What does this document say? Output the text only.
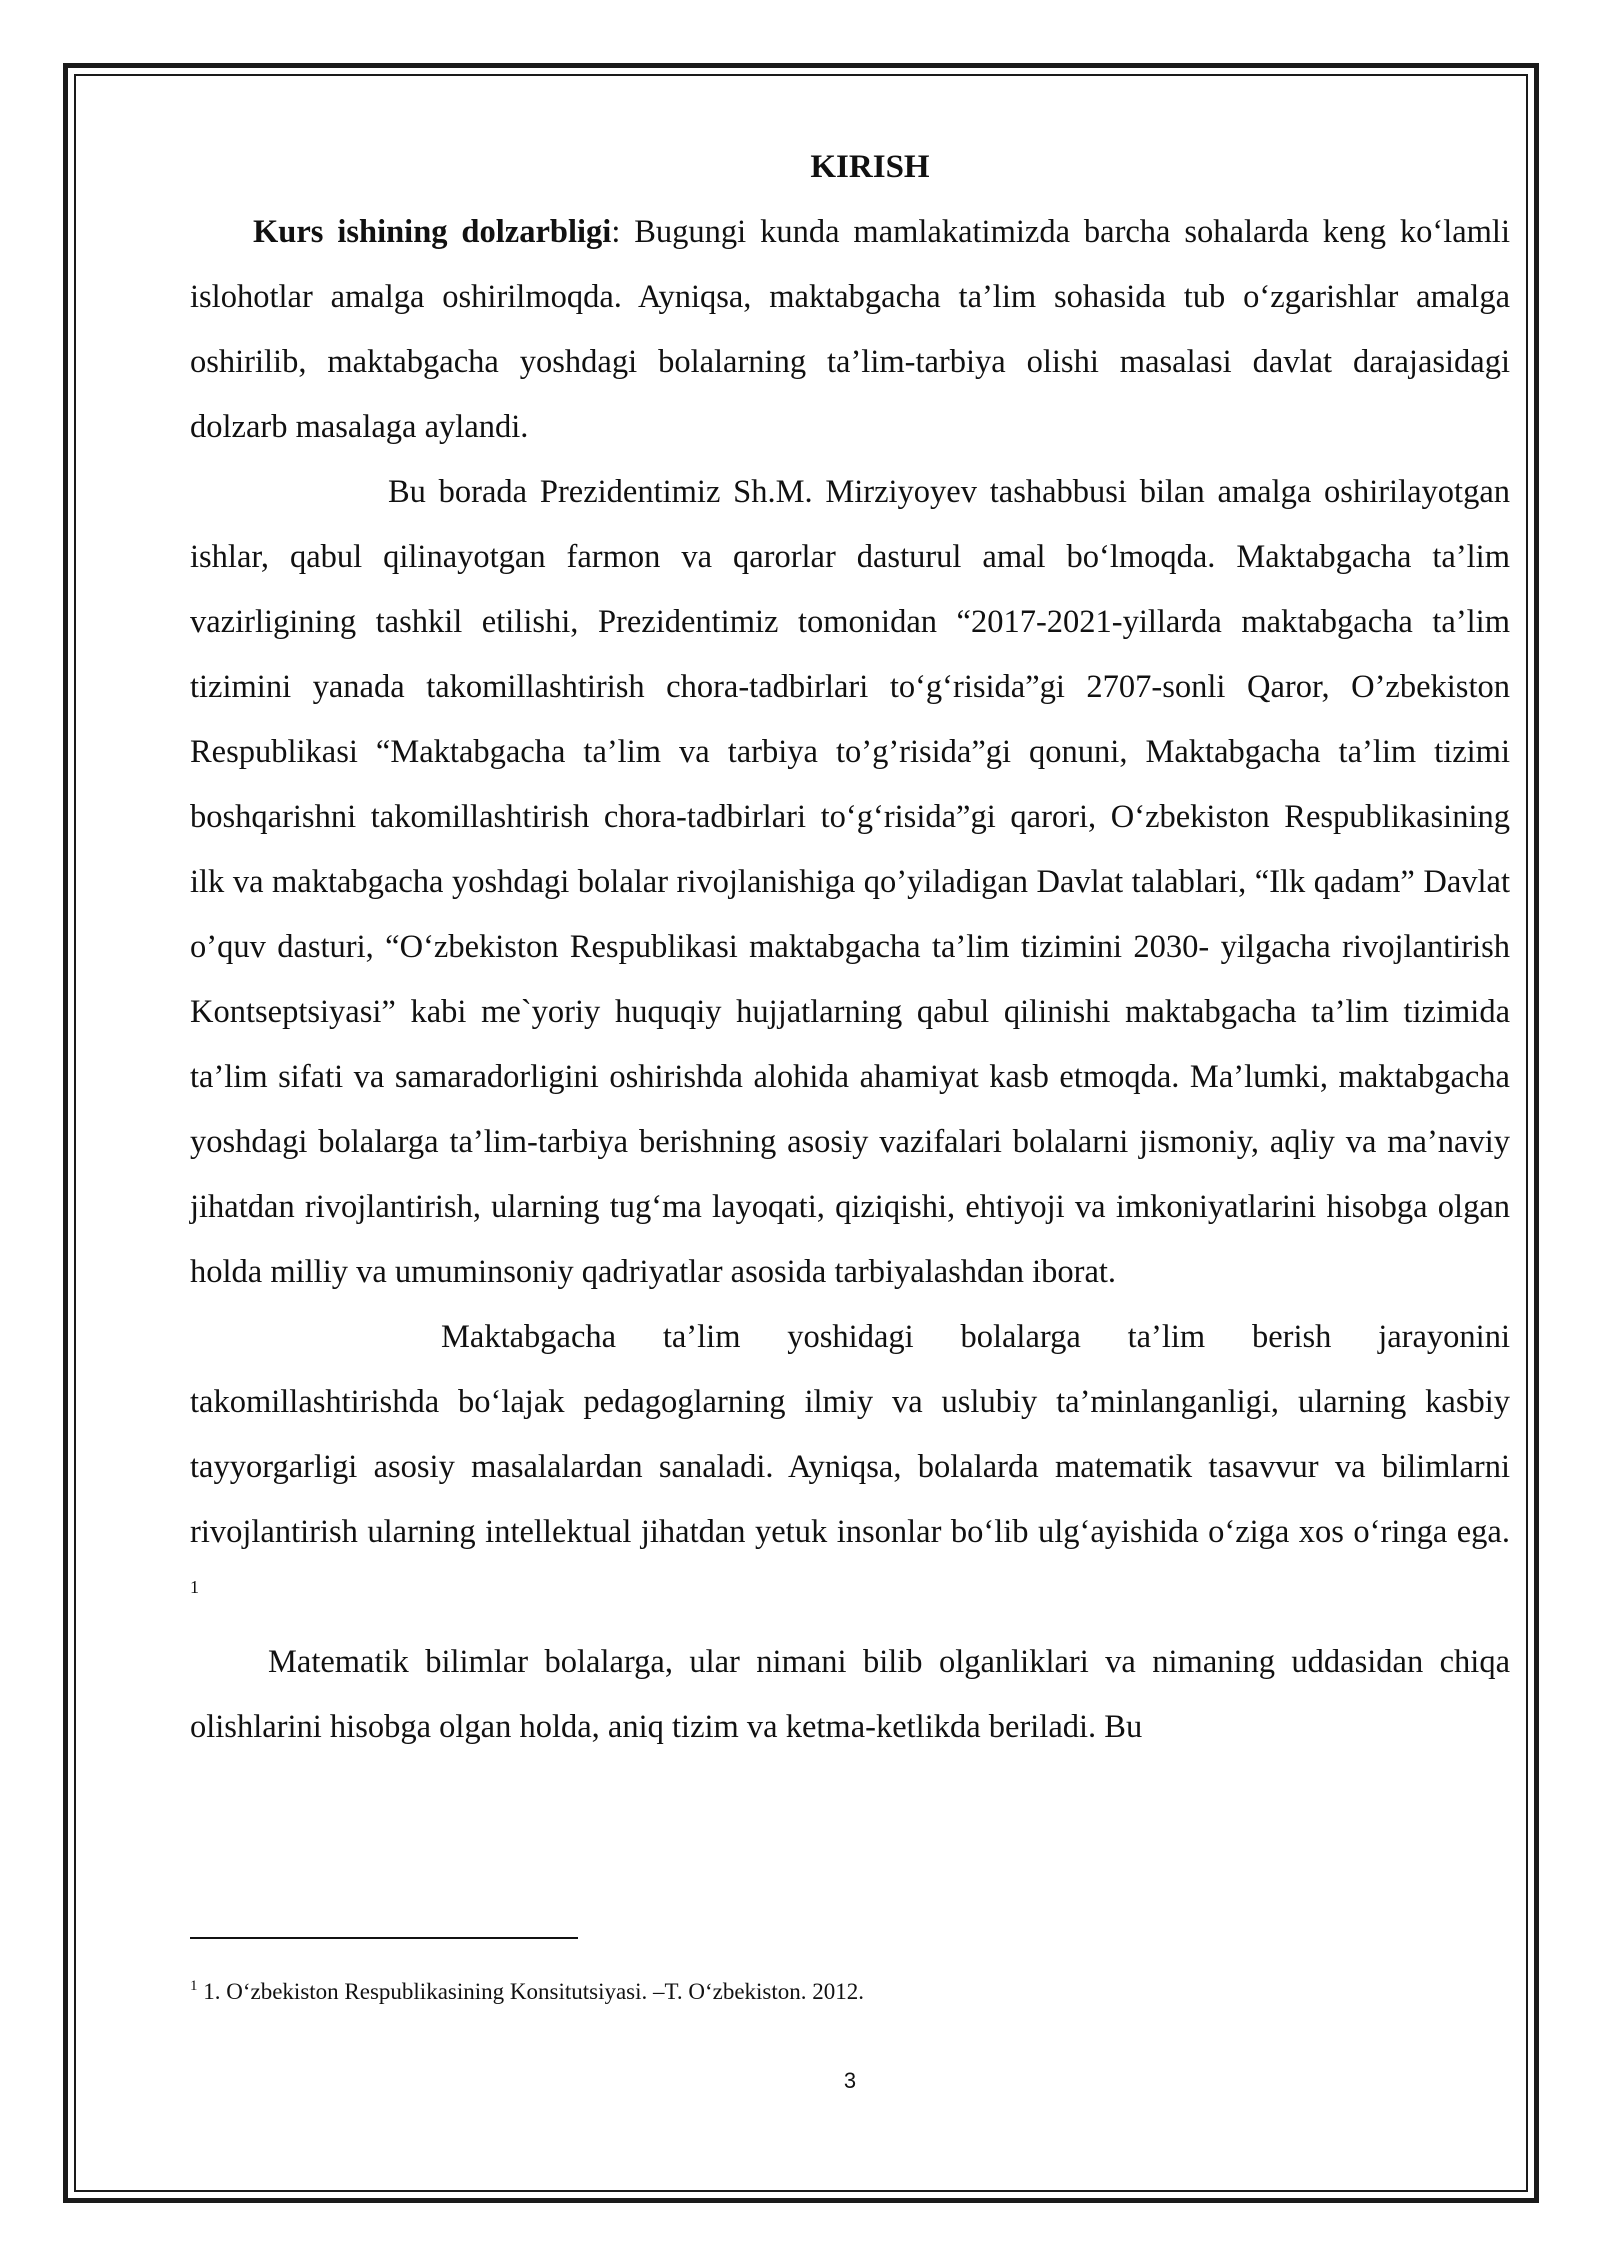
KIRISH

Kurs ishining dolzarbligi: Bugungi kunda mamlakatimizda barcha sohalarda keng ko‘lamli islohotlar amalga oshirilmoqda. Ayniqsa, maktabgacha ta’lim sohasida tub o‘zgarishlar amalga oshirilib, maktabgacha yoshdagi bolalarning ta’lim-tarbiya olishi masalasi davlat darajasidagi dolzarb masalaga aylandi.

Bu borada Prezidentimiz Sh.M. Mirziyoyev tashabbusi bilan amalga oshirilayotgan ishlar, qabul qilinayotgan farmon va qarorlar dasturul amal bo‘lmoqda. Maktabgacha ta’lim vazirligining tashkil etilishi, Prezidentimiz tomonidan “2017-2021-yillarda maktabgacha ta’lim tizimini yanada takomillashtirish chora-tadbirlari to‘g‘risida”gi 2707-sonli Qaror, O’zbekiston Respublikasi “Maktabgacha ta’lim va tarbiya to’g’risida”gi qonuni, Maktabgacha ta’lim tizimi boshqarishni takomillashtirish chora-tadbirlari to‘g‘risida”gi qarori, O‘zbekiston Respublikasining ilk va maktabgacha yoshdagi bolalar rivojlanishiga qo’yiladigan Davlat talablari, “Ilk qadam” Davlat o’quv dasturi, “O‘zbekiston Respublikasi maktabgacha ta’lim tizimini 2030- yilgacha rivojlantirish Kontseptsiyasi” kabi me`yoriy huquqiy hujjatlarning qabul qilinishi maktabgacha ta’lim tizimida ta’lim sifati va samaradorligini oshirishda alohida ahamiyat kasb etmoqda. Ma’lumki, maktabgacha yoshdagi bolalarga ta’lim-tarbiya berishning asosiy vazifalari bolalarni jismoniy, aqliy va ma’naviy jihatdan rivojlantirish, ularning tug‘ma layoqati, qiziqishi, ehtiyoji va imkoniyatlarini hisobga olgan holda milliy va umuminsoniy qadriyatlar asosida tarbiyalashdan iborat.

Maktabgacha ta’lim yoshidagi bolalarga ta’lim berish jarayonini takomillashtirishda bo‘lajak pedagoglarning ilmiy va uslubiy ta’minlanganligi, ularning kasbiy tayyorgarligi asosiy masalalardan sanaladi. Ayniqsa, bolalarda matematik tasavvur va bilimlarni rivojlantirish ularning intellektual jihatdan yetuk insonlar bo‘lib ulg‘ayishida o‘ziga xos o‘ringa ega. $^1$

Matematik bilimlar bolalarga, ular nimani bilib olganliklari va nimaning uddasidan chiqa olishlarini hisobga olgan holda, aniq tizim va ketma-ketlikda beriladi. Bu

$^1$ 1. O‘zbekiston Respublikasining Konsitutsiyasi. –T. O‘zbekiston. 2012.
3
